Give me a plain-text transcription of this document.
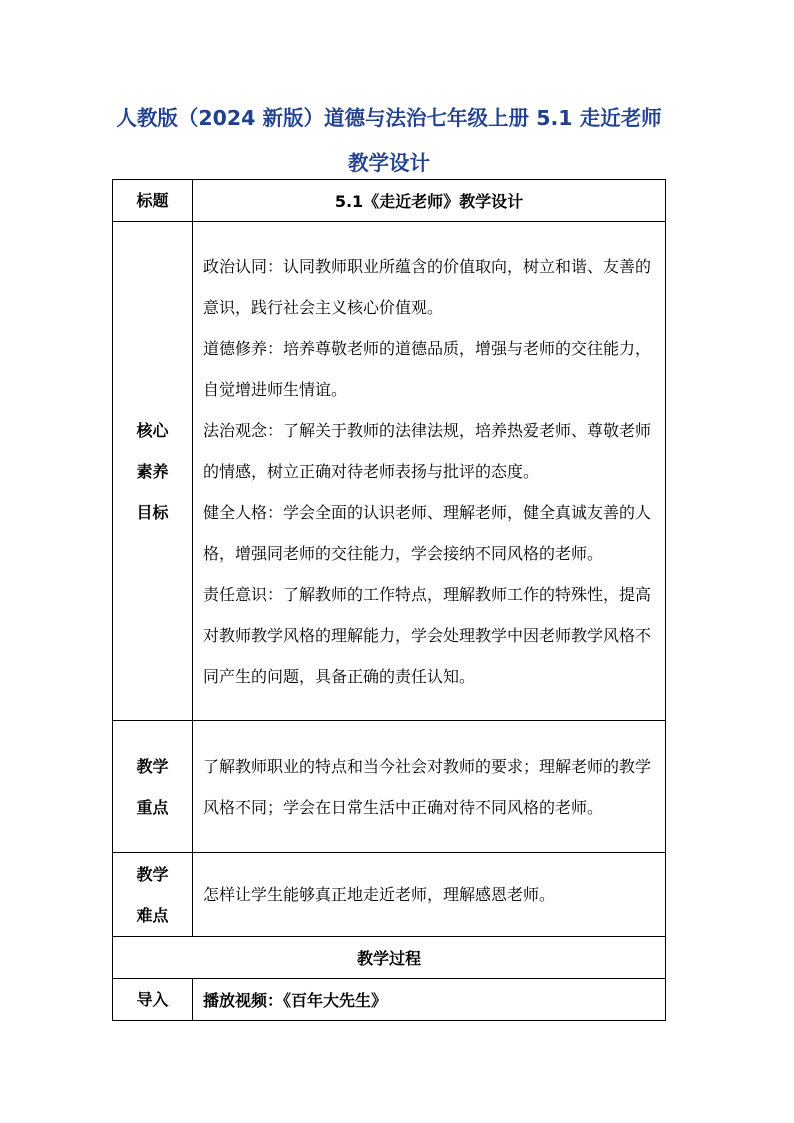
人教版（2024 新版）道德与法治七年级上册 5.1 走近老师 教学设计
标题	5.1《走近老师》教学设计

核心素养目标	政治认同：认同教师职业所蕴含的价值取向，树立和谐、友善的意识，践行社会主义核心价值观。
道德修养：培养尊敬老师的道德品质，增强与老师的交往能力，自觉增进师生情谊。
法治观念：了解关于教师的法律法规，培养热爱老师、尊敬老师的情感，树立正确对待老师表扬与批评的态度。
健全人格：学会全面的认识老师、理解老师，健全真诚友善的人格，增强同老师的交往能力，学会接纳不同风格的老师。
责任意识：了解教师的工作特点，理解教师工作的特殊性，提高对教师教学风格的理解能力，学会处理教学中因老师教学风格不同产生的问题，具备正确的责任认知。

教学重点	了解教师职业的特点和当今社会对教师的要求；理解老师的教学风格不同；学会在日常生活中正确对待不同风格的老师。

教学难点	怎样让学生能够真正地走近老师，理解感恩老师。
教学过程	
导入	播放视频：《百年大先生》
